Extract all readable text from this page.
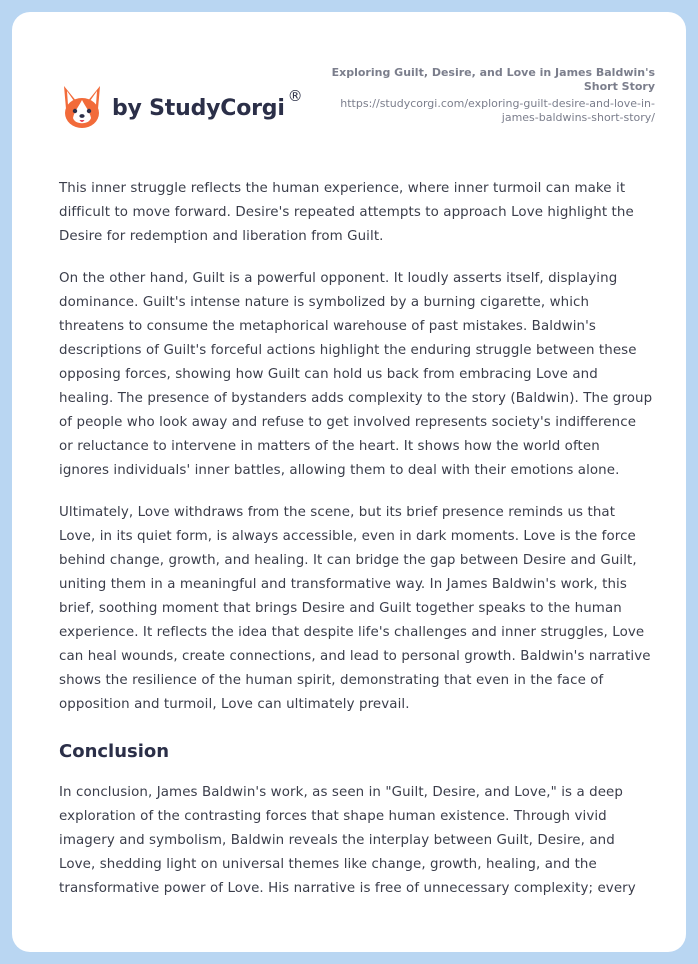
by StudyCorgi ®
Exploring Guilt, Desire, and Love in James Baldwin's Short Story
https://studycorgi.com/exploring-guilt-desire-and-love-in-james-baldwins-short-story/

This inner struggle reflects the human experience, where inner turmoil can make it difficult to move forward. Desire's repeated attempts to approach Love highlight the Desire for redemption and liberation from Guilt.

On the other hand, Guilt is a powerful opponent. It loudly asserts itself, displaying dominance. Guilt's intense nature is symbolized by a burning cigarette, which threatens to consume the metaphorical warehouse of past mistakes. Baldwin's descriptions of Guilt's forceful actions highlight the enduring struggle between these opposing forces, showing how Guilt can hold us back from embracing Love and healing. The presence of bystanders adds complexity to the story (Baldwin). The group of people who look away and refuse to get involved represents society's indifference or reluctance to intervene in matters of the heart. It shows how the world often ignores individuals' inner battles, allowing them to deal with their emotions alone.

Ultimately, Love withdraws from the scene, but its brief presence reminds us that Love, in its quiet form, is always accessible, even in dark moments. Love is the force behind change, growth, and healing. It can bridge the gap between Desire and Guilt, uniting them in a meaningful and transformative way. In James Baldwin's work, this brief, soothing moment that brings Desire and Guilt together speaks to the human experience. It reflects the idea that despite life's challenges and inner struggles, Love can heal wounds, create connections, and lead to personal growth. Baldwin's narrative shows the resilience of the human spirit, demonstrating that even in the face of opposition and turmoil, Love can ultimately prevail.

Conclusion

In conclusion, James Baldwin's work, as seen in "Guilt, Desire, and Love," is a deep exploration of the contrasting forces that shape human existence. Through vivid imagery and symbolism, Baldwin reveals the interplay between Guilt, Desire, and Love, shedding light on universal themes like change, growth, healing, and the transformative power of Love. His narrative is free of unnecessary complexity; every
